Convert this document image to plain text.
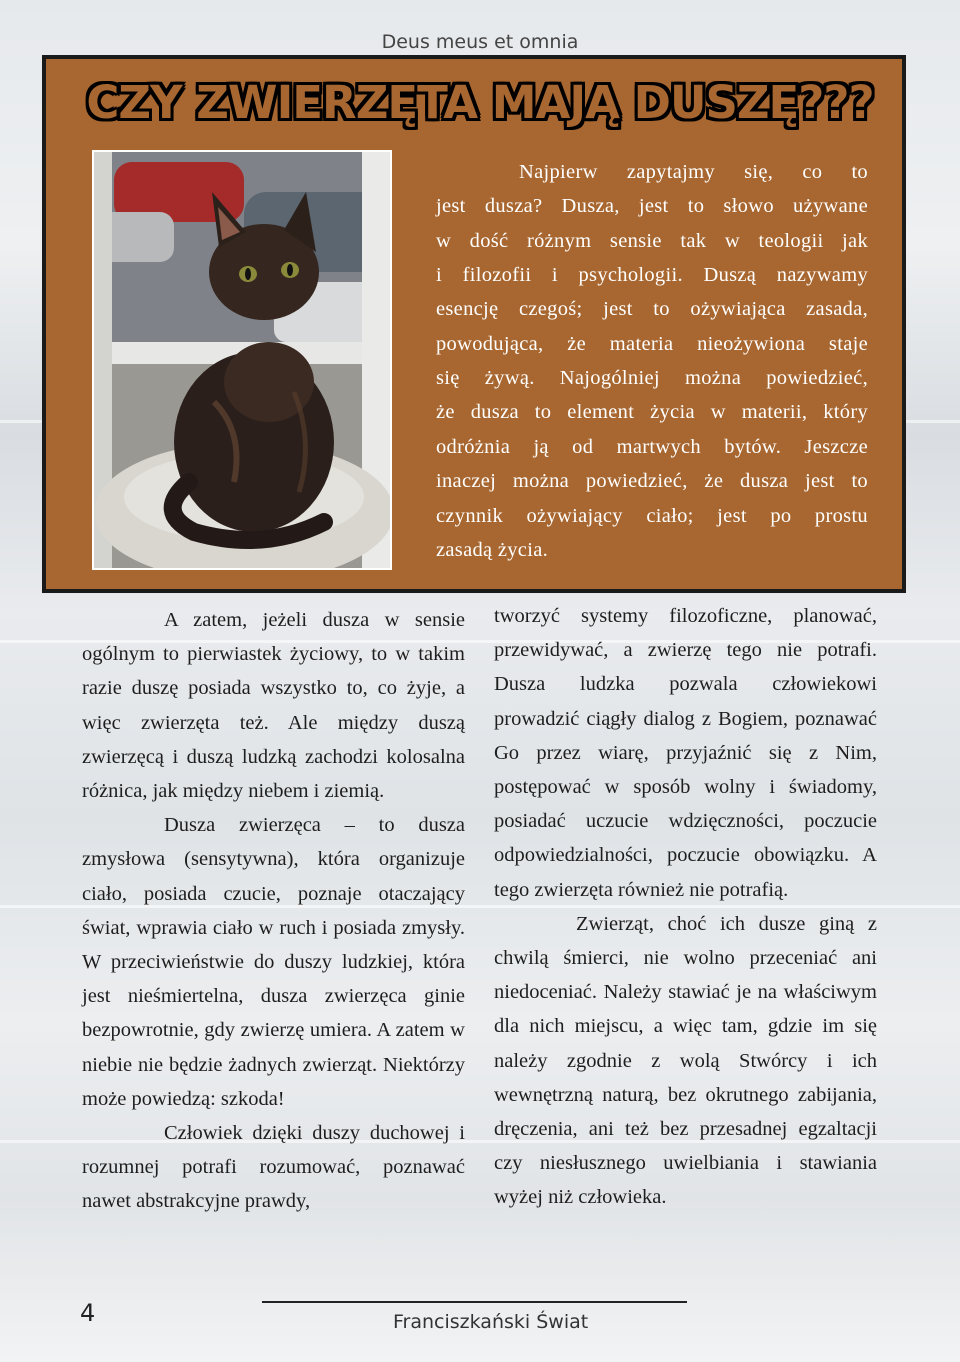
Deus meus et omnia
CZY ZWIERZĘTA MAJĄ DUSZĘ???

Najpierw zapytajmy się, co to

jest dusza? Dusza, jest to słowo używane

w dość różnym sensie tak w teologii jak

i filozofii i psychologii. Duszą nazywamy

esencję czegoś; jest to ożywiająca zasada,

powodująca, że materia nieożywiona staje

się żywą. Najogólniej można powiedzieć,

że dusza to element życia w materii, który

odróżnia ją od martwych bytów. Jeszcze

inaczej można powiedzieć, że dusza jest to

czynnik ożywiający ciało; jest po prostu

zasadą życia.

A zatem, jeżeli dusza w sensie ogólnym to pierwiastek życiowy, to w takim razie duszę posiada wszystko to, co żyje, a więc zwierzęta też. Ale między duszą zwierzęcą i duszą ludzką zachodzi kolosalna różnica, jak między niebem i ziemią.

Dusza zwierzęca – to dusza zmysłowa (sensytywna), która organizuje ciało, posiada czucie, poznaje otaczający świat, wprawia ciało w ruch i posiada zmysły. W przeciwieństwie do duszy ludzkiej, która jest nieśmiertelna, dusza zwierzęca ginie bezpowrotnie, gdy zwierzę umiera. A zatem w niebie nie będzie żadnych zwierząt. Niektórzy może powiedzą: szkoda!

Człowiek dzięki duszy duchowej i rozumnej potrafi rozumować, poznawać nawet abstrakcyjne prawdy,

tworzyć systemy filozoficzne, planować, przewidywać, a zwierzę tego nie potrafi. Dusza ludzka pozwala człowiekowi prowadzić ciągły dialog z Bogiem, poznawać Go przez wiarę, przyjaźnić się z Nim, postępować w sposób wolny i świadomy, posiadać uczucie wdzięczności, poczucie odpowiedzialności, poczucie obowiązku. A tego zwierzęta również nie potrafią.

Zwierząt, choć ich dusze giną z chwilą śmierci, nie wolno przeceniać ani niedoceniać. Należy stawiać je na właściwym dla nich miejscu, a więc tam, gdzie im się należy zgodnie z wolą Stwórcy i ich wewnętrzną naturą, bez okrutnego zabijania, dręczenia, ani też bez przesadnej egzaltacji czy niesłusznego uwielbiania i stawiania wyżej niż człowieka.

4	Franciszkański Świat
